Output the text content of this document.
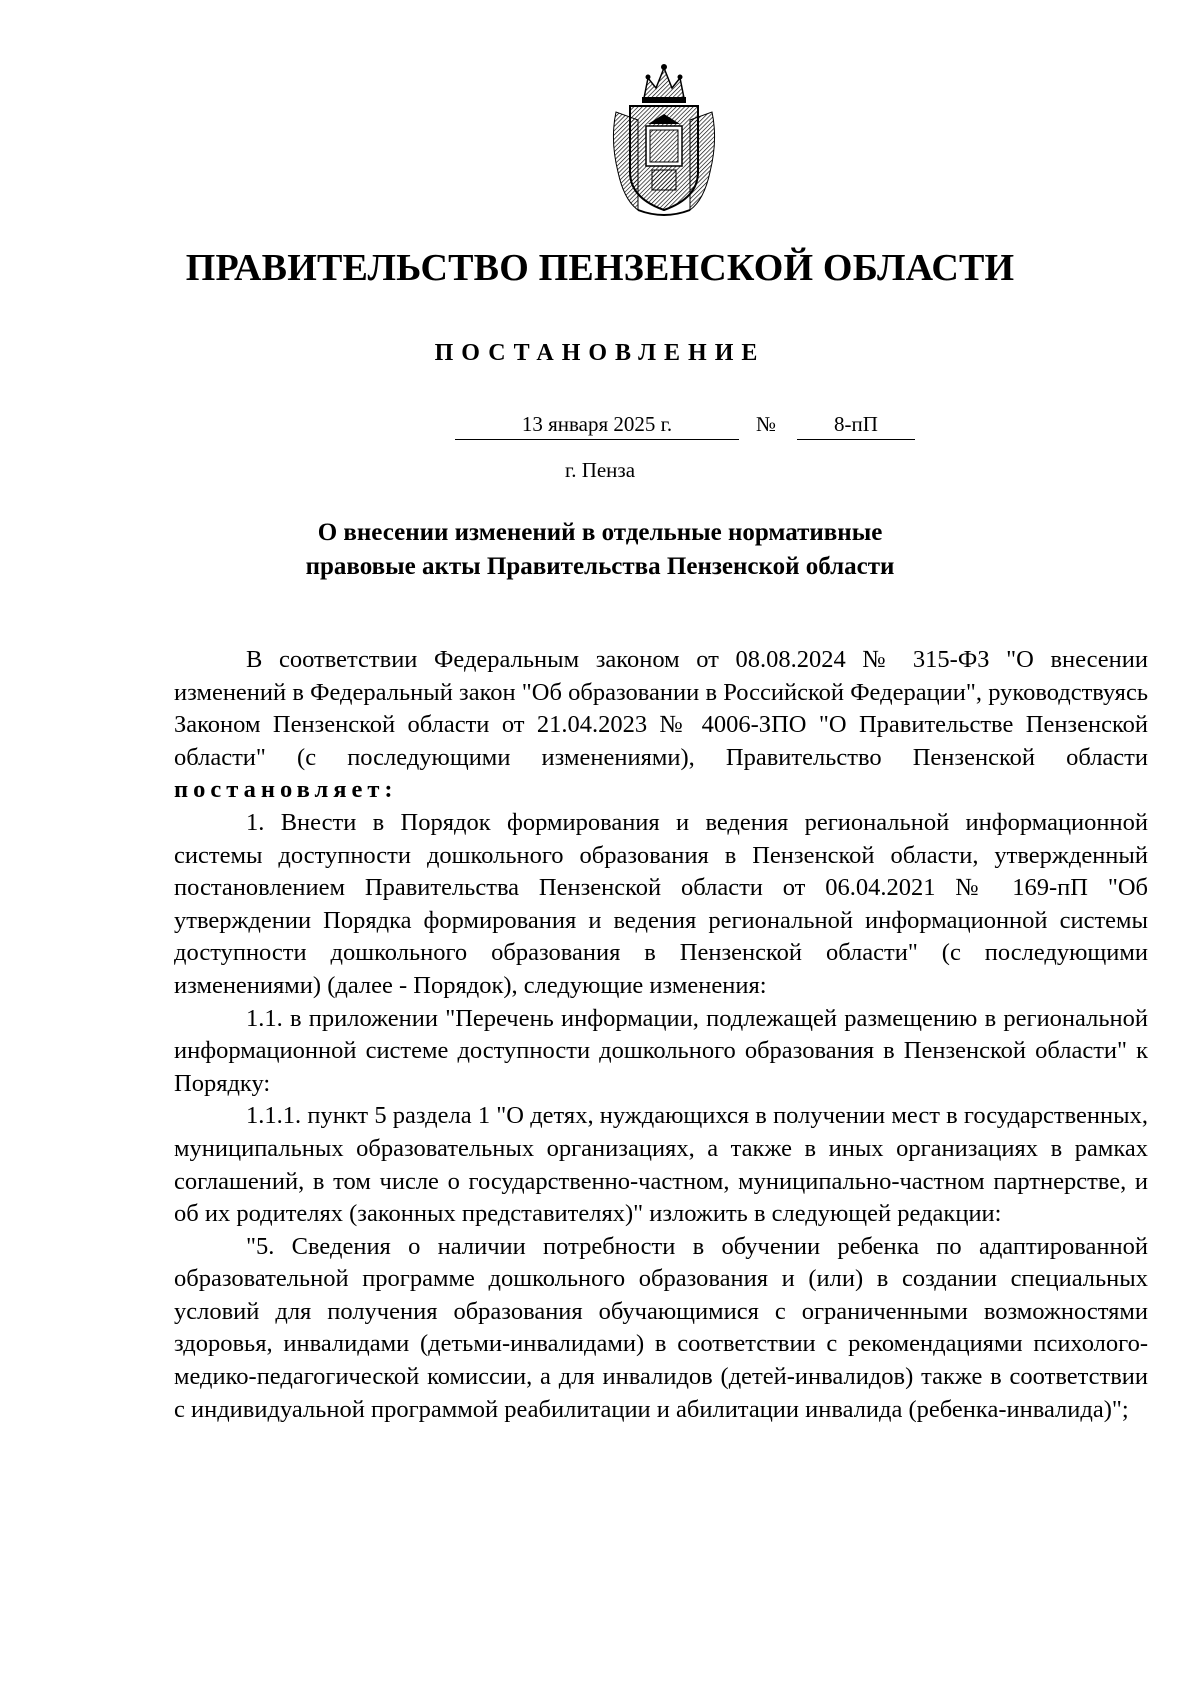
ПРАВИТЕЛЬСТВО ПЕНЗЕНСКОЙ ОБЛАСТИ
ПОСТАНОВЛЕНИЕ
13 января 2025 г.	№	8-пП
г. Пенза
О внесении изменений в отдельные нормативные
правовые акты Правительства Пензенской области

В соответствии Федеральным законом от 08.08.2024 № 315-ФЗ "О внесении изменений в Федеральный закон "Об образовании в Российской Федерации", руководствуясь Законом Пензенской области от 21.04.2023 № 4006-ЗПО "О Правительстве Пензенской области" (с последующими изменениями), Правительство Пензенской области постановляет:

1. Внести в Порядок формирования и ведения региональной информационной системы доступности дошкольного образования в Пензенской области, утвержденный постановлением Правительства Пензенской области от 06.04.2021 № 169-пП "Об утверждении Порядка формирования и ведения региональной информационной системы доступности дошкольного образования в Пензенской области" (с последующими изменениями) (далее - Порядок), следующие изменения:

1.1. в приложении "Перечень информации, подлежащей размещению в региональной информационной системе доступности дошкольного образования в Пензенской области" к Порядку:

1.1.1. пункт 5 раздела 1 "О детях, нуждающихся в получении мест в государственных, муниципальных образовательных организациях, а также в иных организациях в рамках соглашений, в том числе о государственно-частном, муниципально-частном партнерстве, и об их родителях (законных представителях)" изложить в следующей редакции:

"5. Сведения о наличии потребности в обучении ребенка по адаптированной образовательной программе дошкольного образования и (или) в создании специальных условий для получения образования обучающимися с ограниченными возможностями здоровья, инвалидами (детьми-инвалидами) в соответствии с рекомендациями психолого-медико-педагогической комиссии, а для инвалидов (детей-инвалидов) также в соответствии с индивидуальной программой реабилитации и абилитации инвалида (ребенка-инвалида)";
